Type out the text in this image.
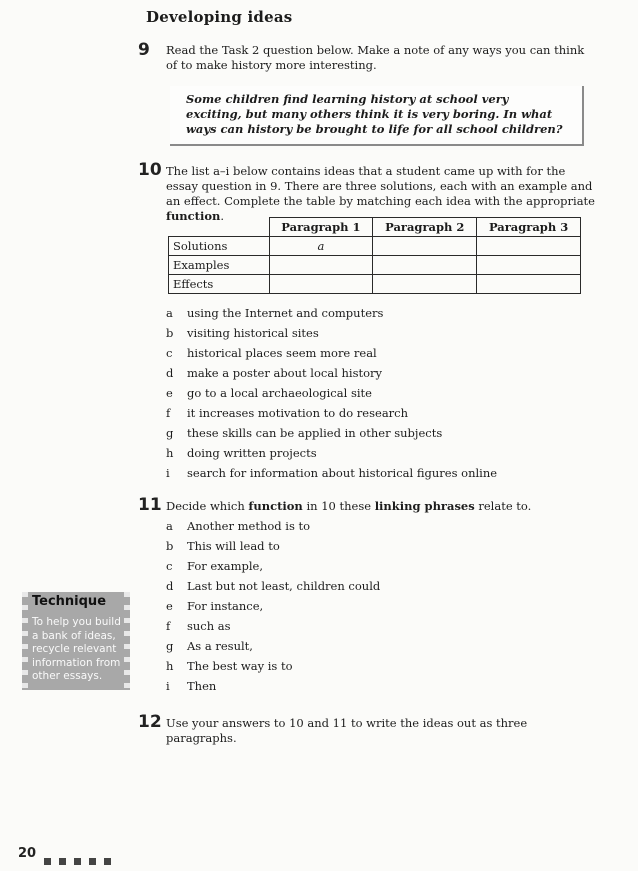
Developing ideas
9 Read the Task 2 question below. Make a note of any ways you can think of to make history more interesting.
Some children find learning history at school very exciting, but many others think it is very boring. In what ways can history be brought to life for all school children?
10 The list a–i below contains ideas that a student came up with for the essay question in 9. There are three solutions, each with an example and an effect. Complete the table by matching each idea with the appropriate function.
	Paragraph 1	Paragraph 2	Paragraph 3
Solutions	a		
Examples			
Effects			
a	using the Internet and computers
b	visiting historical sites
c	historical places seem more real
d	make a poster about local history
e	go to a local archaeological site
f	it increases motivation to do research
g	these skills can be applied in other subjects
h	doing written projects
i	search for information about historical figures online
11 Decide which function in 10 these linking phrases relate to.
a	Another method is to
b	This will lead to
c	For example,
d	Last but not least, children could
e	For instance,
f	such as
g	As a result,
h	The best way is to
i	Then
Technique
To help you build a bank of ideas, recycle relevant information from other essays.
12 Use your answers to 10 and 11 to write the ideas out as three paragraphs.
20
